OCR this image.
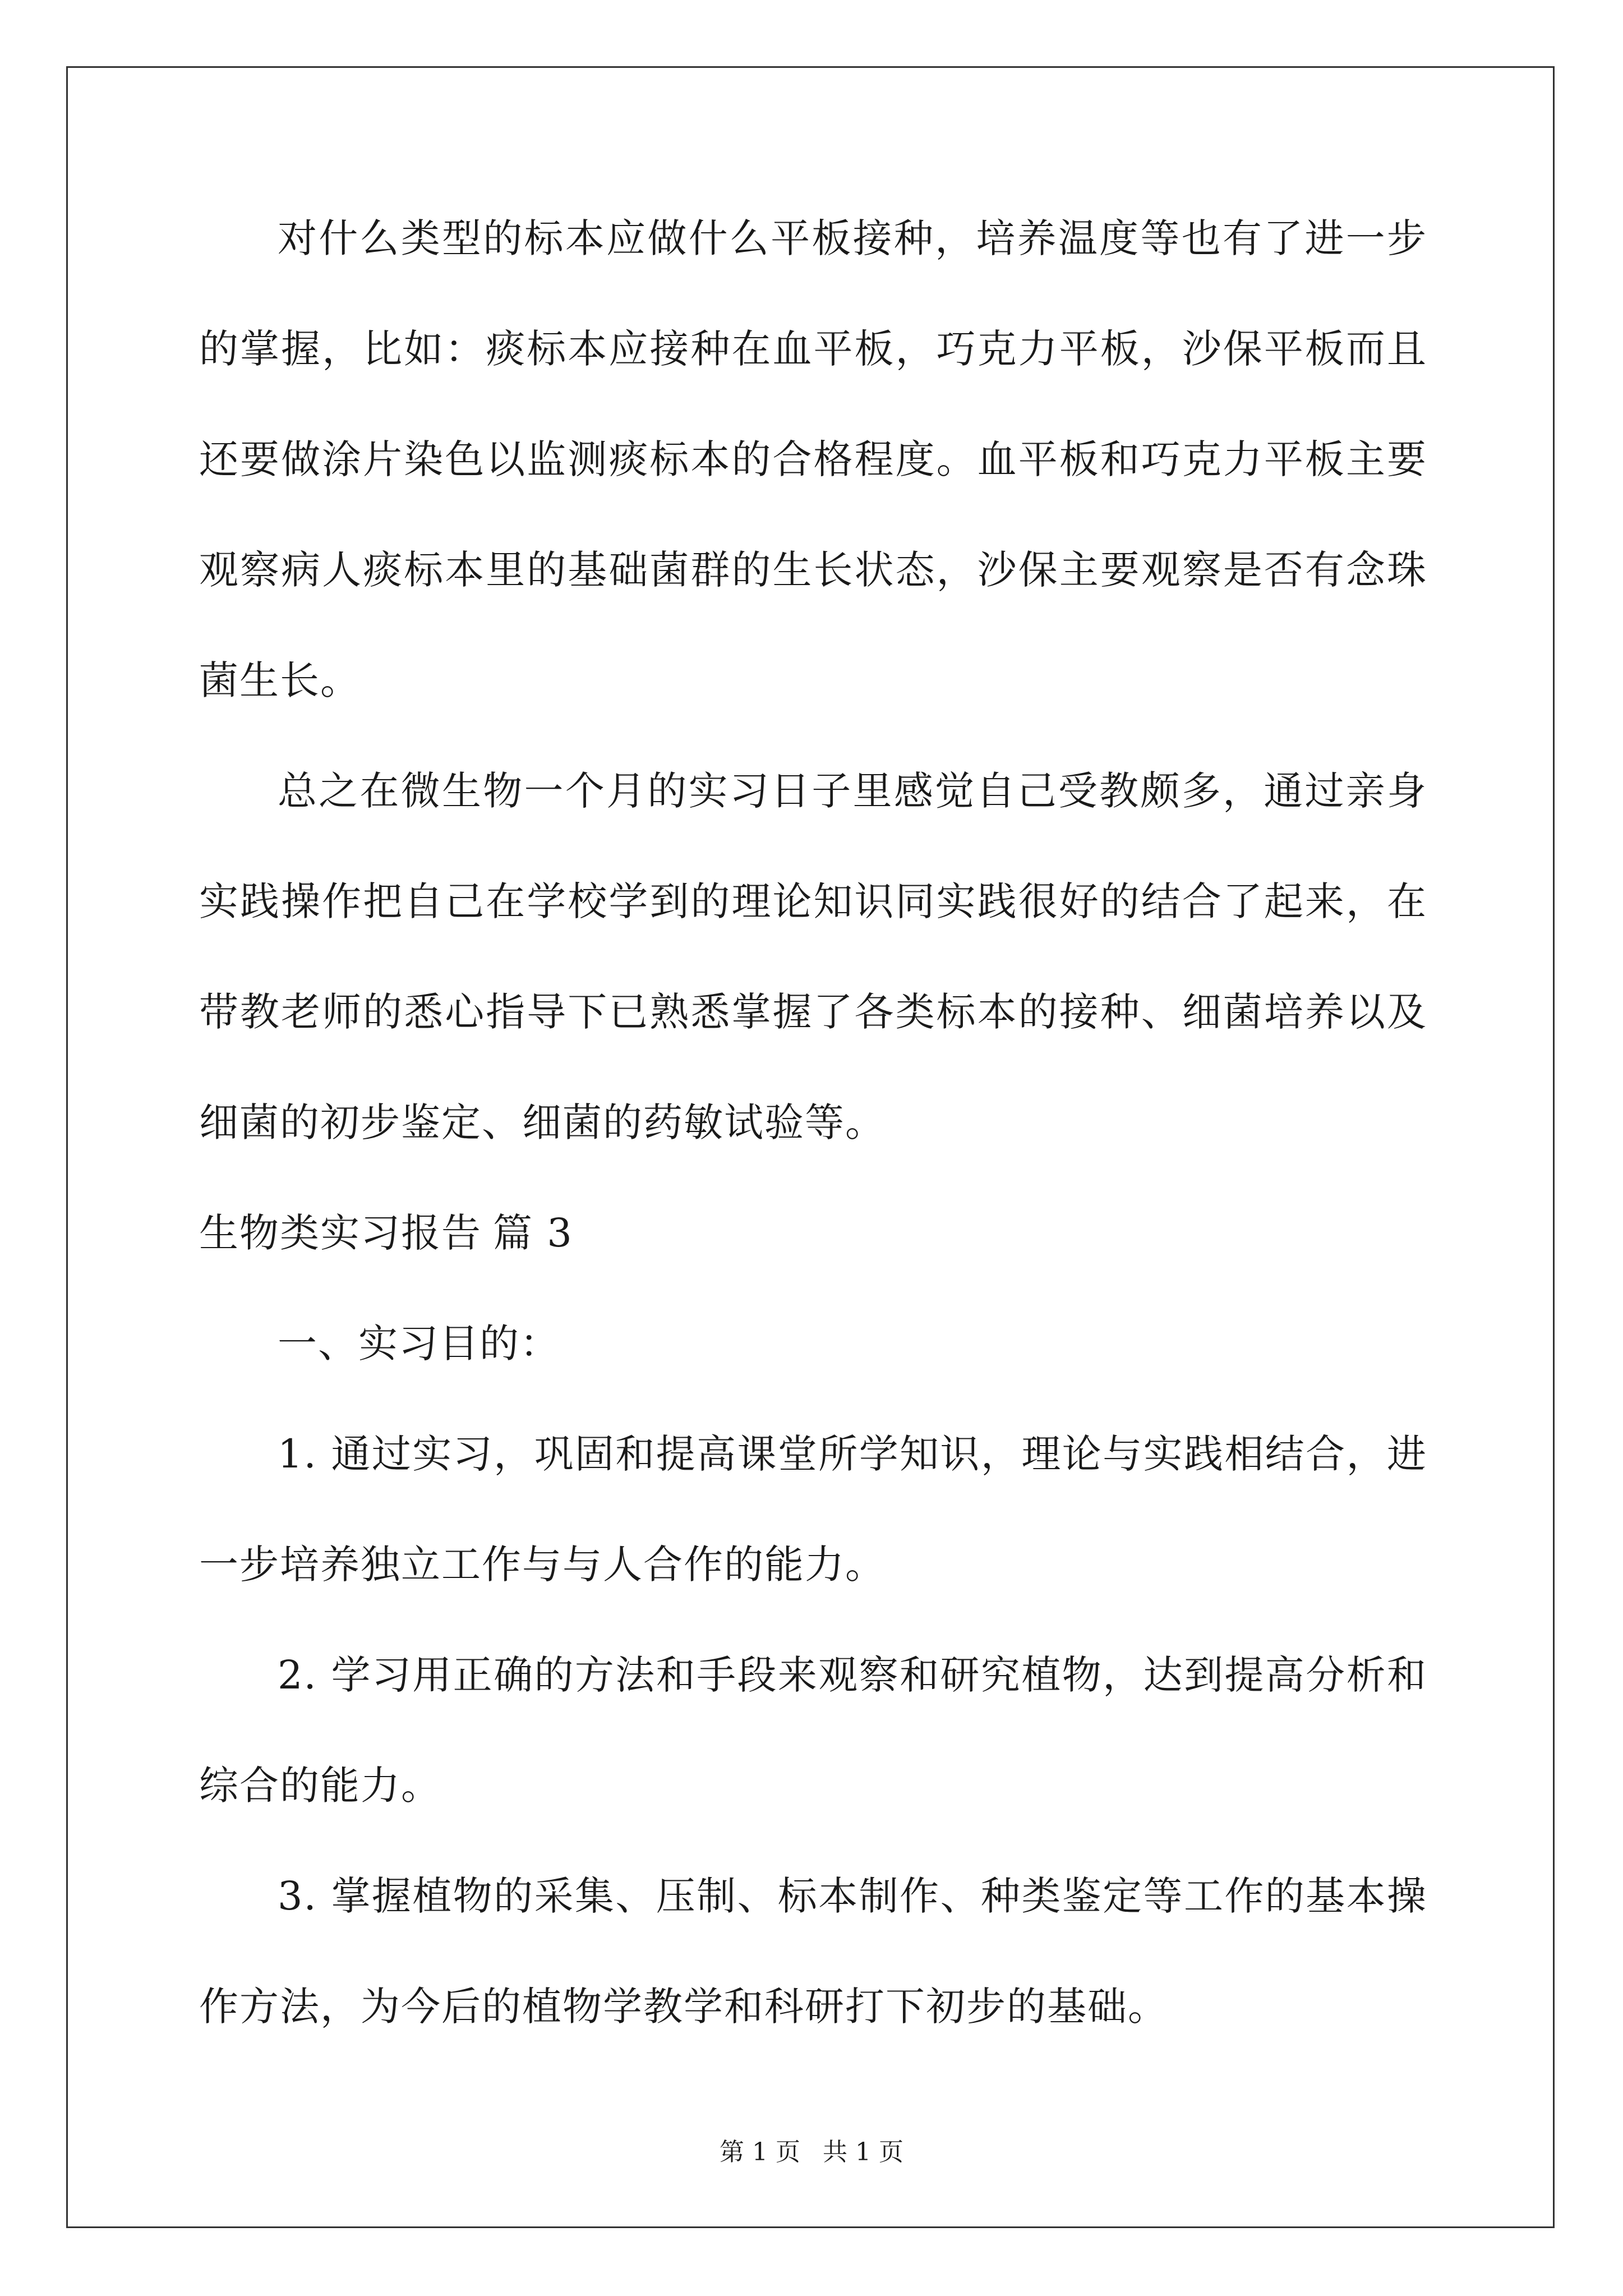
对什么类型的标本应做什么平板接种，培养温度等也有了进一步
的掌握，比如：痰标本应接种在血平板，巧克力平板，沙保平板而且
还要做涂片染色以监测痰标本的合格程度。血平板和巧克力平板主要
观察病人痰标本里的基础菌群的生长状态，沙保主要观察是否有念珠
菌生长。
总之在微生物一个月的实习日子里感觉自己受教颇多，通过亲身
实践操作把自己在学校学到的理论知识同实践很好的结合了起来，在
带教老师的悉心指导下已熟悉掌握了各类标本的接种、细菌培养以及
细菌的初步鉴定、细菌的药敏试验等。
生物类实习报告 篇 3
一、实习目的：
1. 通过实习，巩固和提高课堂所学知识，理论与实践相结合，进
一步培养独立工作与与人合作的能力。
2. 学习用正确的方法和手段来观察和研究植物，达到提高分析和
综合的能力。
3. 掌握植物的采集、压制、标本制作、种类鉴定等工作的基本操
作方法，为今后的植物学教学和科研打下初步的基础。
第 1 页 共 1 页
